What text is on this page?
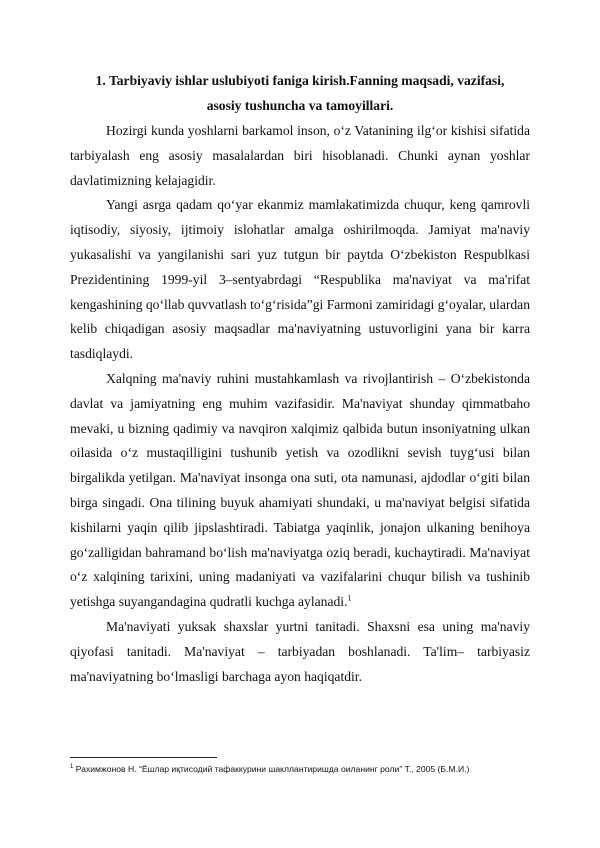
1. Tarbiyaviy ishlar uslubiyoti faniga kirish.Fanning maqsadi, vazifasi,
asosiy tushuncha va tamoyillari.

Hozirgi kunda yoshlarni barkamol inson, o‘z Vatanining ilg‘or kishisi sifatida tarbiyalash eng asosiy masalalardan biri hisoblanadi. Chunki aynan yoshlar davlatimizning kelajagidir.

Yangi asrga qadam qo‘yar ekanmiz mamlakatimizda chuqur, keng qamrovli iqtisodiy, siyosiy, ijtimoiy islohatlar amalga oshirilmoqda. Jamiyat ma'naviy yukasalishi va yangilanishi sari yuz tutgun bir paytda O‘zbekiston Respublkasi Prezidentining 1999-yil 3–sentyabrdagi “Respublika ma'naviyat va ma'rifat kengashining qo‘llab quvvatlash to‘g‘risida”gi Farmoni zamiridagi g‘oyalar, ulardan kelib chiqadigan asosiy maqsadlar ma'naviyatning ustuvorligini yana bir karra tasdiqlaydi.

Xalqning ma'naviy ruhini mustahkamlash va rivojlantirish – O‘zbekistonda davlat va jamiyatning eng muhim vazifasidir. Ma'naviyat shunday qimmatbaho mevaki, u bizning qadimiy va navqiron xalqimiz qalbida butun insoniyatning ulkan oilasida o‘z mustaqilligini tushunib yetish va ozodlikni sevish tuyg‘usi bilan birgalikda yetilgan. Ma'naviyat insonga ona suti, ota namunasi, ajdodlar o‘giti bilan birga singadi. Ona tilining buyuk ahamiyati shundaki, u ma'naviyat belgisi sifatida kishilarni yaqin qilib jipslashtiradi. Tabiatga yaqinlik, jonajon ulkaning benihoya go‘zalligidan bahramand bo‘lish ma'naviyatga oziq beradi, kuchaytiradi. Ma'naviyat o‘z xalqining tarixini, uning madaniyati va vazifalarini chuqur bilish va tushinib yetishga suyangandagina qudratli kuchga aylanadi.$^1$

Ma'naviyati yuksak shaxslar yurtni tanitadi. Shaxsni esa uning ma'naviy qiyofasi tanitadi. Ma'naviyat – tarbiyadan boshlanadi. Ta'lim– tarbiyasiz ma'naviyatning bo‘lmasligi barchaga ayon haqiqatdir.

$^1$ Рахимжонов Н. “Ёшлар иқтисодий тафаккурини шакллантиришда оиланинг роли” Т., 2005 (Б.М.И.)
